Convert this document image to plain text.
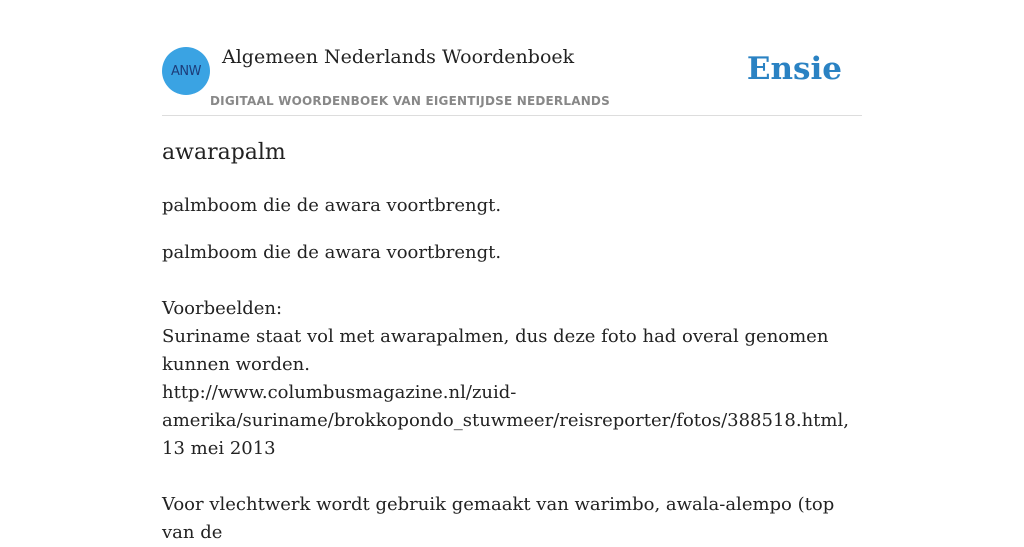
ANW
Algemeen Nederlands Woordenboek
DIGITAAL WOORDENBOEK VAN EIGENTIJDSE NEDERLANDS
Ensie
awarapalm

palmboom die de awara voortbrengt.

palmboom die de awara voortbrengt.

Voorbeelden:

Suriname staat vol met awarapalmen, dus deze foto had overal genomen kunnen worden.

http://www.columbusmagazine.nl/zuid-amerika/suriname/brokkopondo_stuwmeer/reisreporter/fotos/388518.html, 13 mei 2013

Voor vlechtwerk wordt gebruik gemaakt van warimbo, awala-alempo (top van de
